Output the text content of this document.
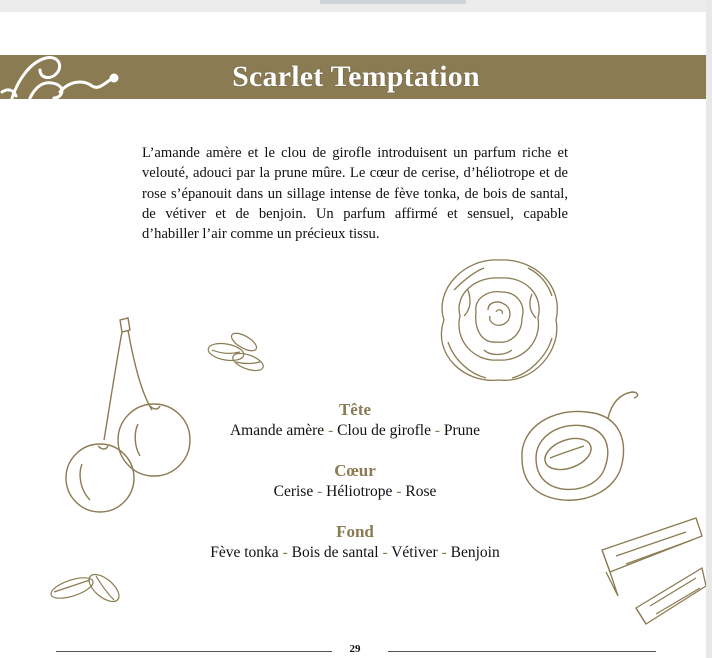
Scarlet Temptation
L’amande amère et le clou de girofle introduisent un parfum riche et velouté, adouci par la prune mûre. Le cœur de cerise, d’héliotrope et de rose s’épanouit dans un sillage intense de fève tonka, de bois de santal, de vétiver et de benjoin. Un parfum affirmé et sensuel, capable d’habiller l’air comme un précieux tissu.
Tête
Amande amère - Clou de girofle - Prune
Cœur
Cerise - Héliotrope - Rose
Fond
Fève tonka - Bois de santal - Vétiver - Benjoin
29
